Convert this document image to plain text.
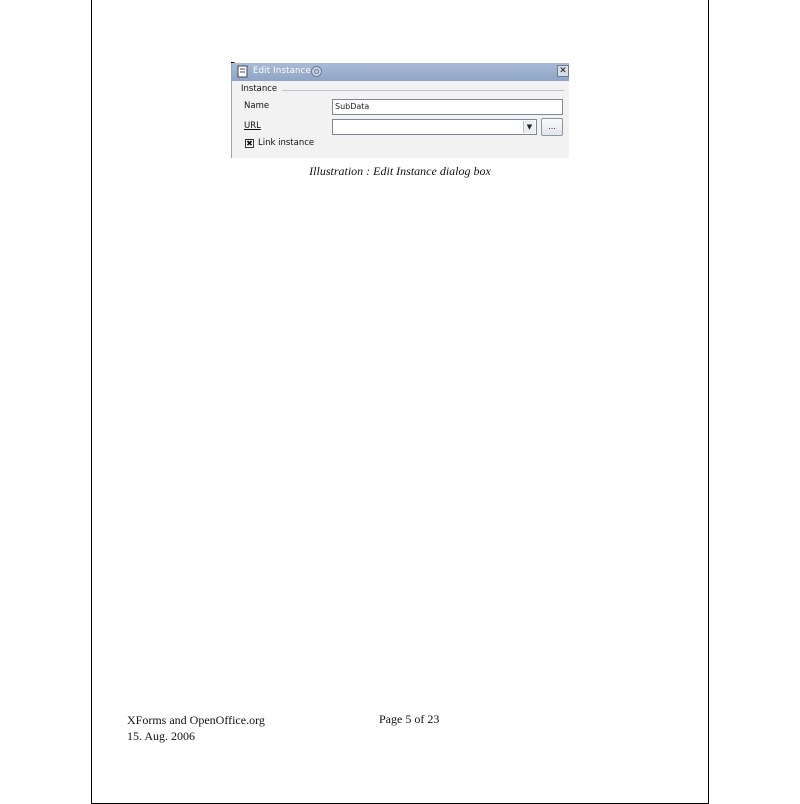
Edit Instance	✕
Instance
Name	SubData
URL	▼	...
✖ Link instance
Illustration : Edit Instance dialog box
XForms and OpenOffice.org
15. Aug. 2006
Page 5 of 23
